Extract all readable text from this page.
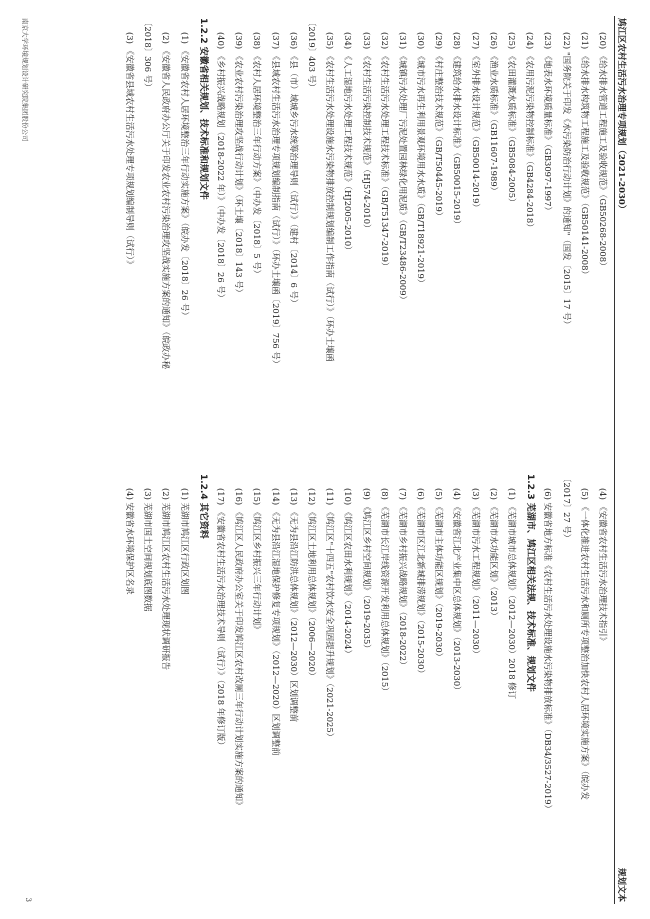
鸠江区农村生活污水治理专项规划（2021-2030）
规划文本
(20) 《给水排水管道工程施工及验收规范》（GB50268-2008）
(21) 《给水排水构筑物工程施工及验收规范》（GB50141-2008）
(22) "国务院关于印发《水污染防治行动计划》的通知"（国发〔2015〕17 号）
(23) 《地表水环境质量标准》（GB3097-1997）
(24) 《农用污泥污染物控制标准》（GB4284-2018）
(25) 《农田灌溉水质标准》（GB5084-2005）
(26) 《渔业水质标准》（GB11607-1989）
(27) 《室外排水设计规范》（GB50014-2019）
(28) 《建筑给水排水设计标准》（GB50015-2019）
(29) 《村庄整治技术规范》（GB/T50445-2019）
(30) 《城市污水再生利用景观环境用水水质》（GB/T18921-2019）
(31) 《城镇污水处理厂污泥处置园林绿化用泥质》（GB/T23486-2009）
(32) 《农村生活污水处理工程技术标准》（GB/T51347-2019）
(33) 《农村生活污染控制技术规范》（HJ574-2010）
(34) 《人工湿地污水处理工程技术规范》（HJ2005-2010）
(35) 《农村生活污水处理设施水污染物排放控制规划编制工作指南（试行）》（环办土壤函
〔2019〕403 号）
(36) 《县（市）域城乡污水统筹治理导则（试行）》（建村〔2014〕6 号）
(37) 《县域农村生活污水治理专项规划编制指南（试行）》（环办土壤函〔2019〕756 号）
(38) 《农村人居环境整治三年行动方案》（中办发〔2018〕5 号）
(39) 《农业农村污染治理攻坚战行动计划》（环土壤〔2018〕143 号）
(40) 《乡村振兴战略规划（2018-2022 年）》（中办发〔2018〕26 号）
1.2.2 安徽省相关规划、技术标准和规划文件
(1) 《安徽省农村人居环境整治三年行动实施方案》（皖办发〔2018〕26 号）
(2) 《安徽省人民政府办公厅关于印发农业农村污染治理攻坚战实施方案的通知》（皖政办秘
〔2018〕306 号）
(3) 《安徽省县域农村生活污水处理专项规划编制导则（试行）》
(4) 《安徽省农村生活污水治理技术指引》
(5) 《一体化推进农村生活污水和厕所专项整治加快农村人居环境实施方案》（皖办发
〔2017〕27 号）
(6) 安徽省地方标准《农村生活污水处理设施水污染物排放标准》（DB34/3527-2019）
1.2.3 芜湖市、鸠江区相关法规、技术标准、规划文件
(1) 《芜湖市城市总体规划》（2012—2030）2018 修订
(2) 《芜湖市水功能区划》（2013）
(3) 《芜湖市污水工程规划》（2011—2030）
(4) 《安徽省江北产业集中区总体规划》（2013-2030）
(5) 《芜湖市主体功能区规划》（2019-2030）
(6) 《芜湖市区江北新城排涝规划》（2015-2030）
(7) 《芜湖市乡村振兴战略规划》（2018-2022）
(8) 《芜湖市长江岸线资源开发利用总体规划》（2015）
(9) 《鸠江区乡村空间规划》（2019-2035）
(10) 《鸠江区农田水利规划》（2014-2024）
(11) 《鸠江区"十四五"农村饮水安全巩固提升规划》（2021-2025）
(12) 《鸠江区土地利用总体规划》（2006—2020）
(13) 《无为县沿江防洪总体规划》（2012—2030）区划调整前
(14) 《无为县沿江湿地保护修复专项规划》（2012—2020）区划调整前
(15) 《鸠江区乡村振兴三年行动计划》
(16) 《鸠江区人民政府办公室关于印发鸠江区农村改厕三年行动计划实施方案的通知》
(17) 《安徽省农村生活污水治理技术导则（试行）》（2018 年修订版）
1.2.4 其它资料
(1) 芜湖市鸠江区行政区划图
(2) 芜湖市鸠江区农村生活污水处理现状调研报告
(3) 芜湖市国土空间规划底图数据
(4) 安徽省水环境保护区名录
南京大学环境规划设计研究院集团股份公司
3
